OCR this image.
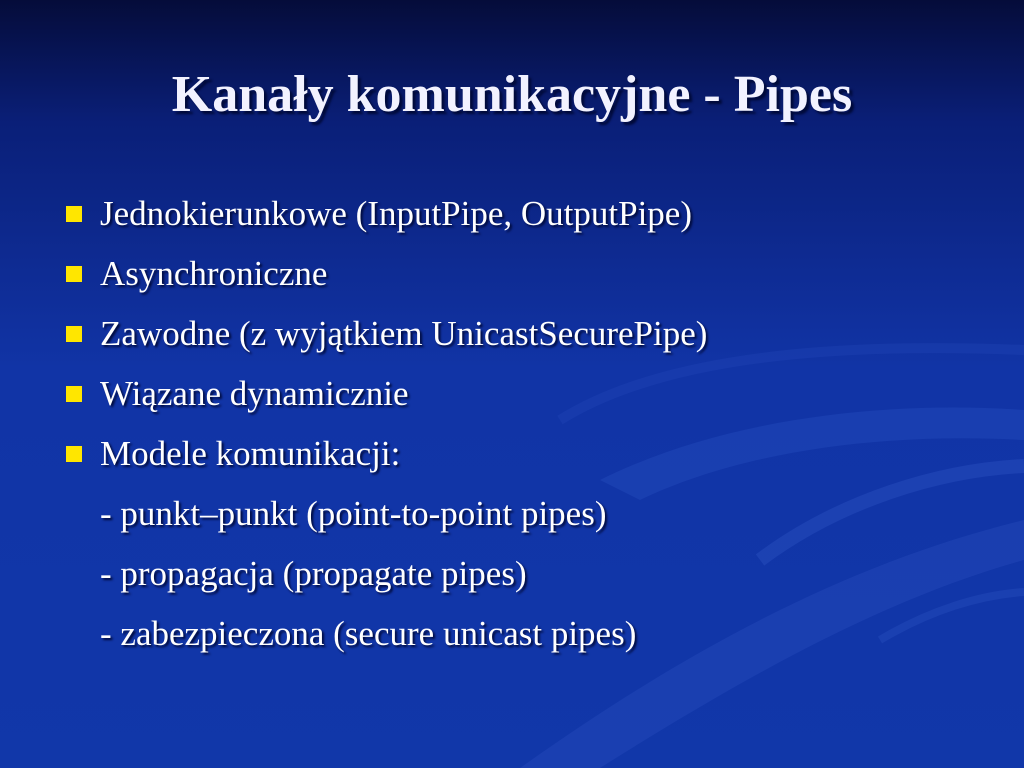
Kanały komunikacyjne - Pipes
Jednokierunkowe (InputPipe, OutputPipe)
Asynchroniczne
Zawodne (z wyjątkiem UnicastSecurePipe)
Wiązane dynamicznie
Modele komunikacji:
- punkt–punkt (point-to-point pipes)
- propagacja (propagate pipes)
- zabezpieczona (secure unicast pipes)
